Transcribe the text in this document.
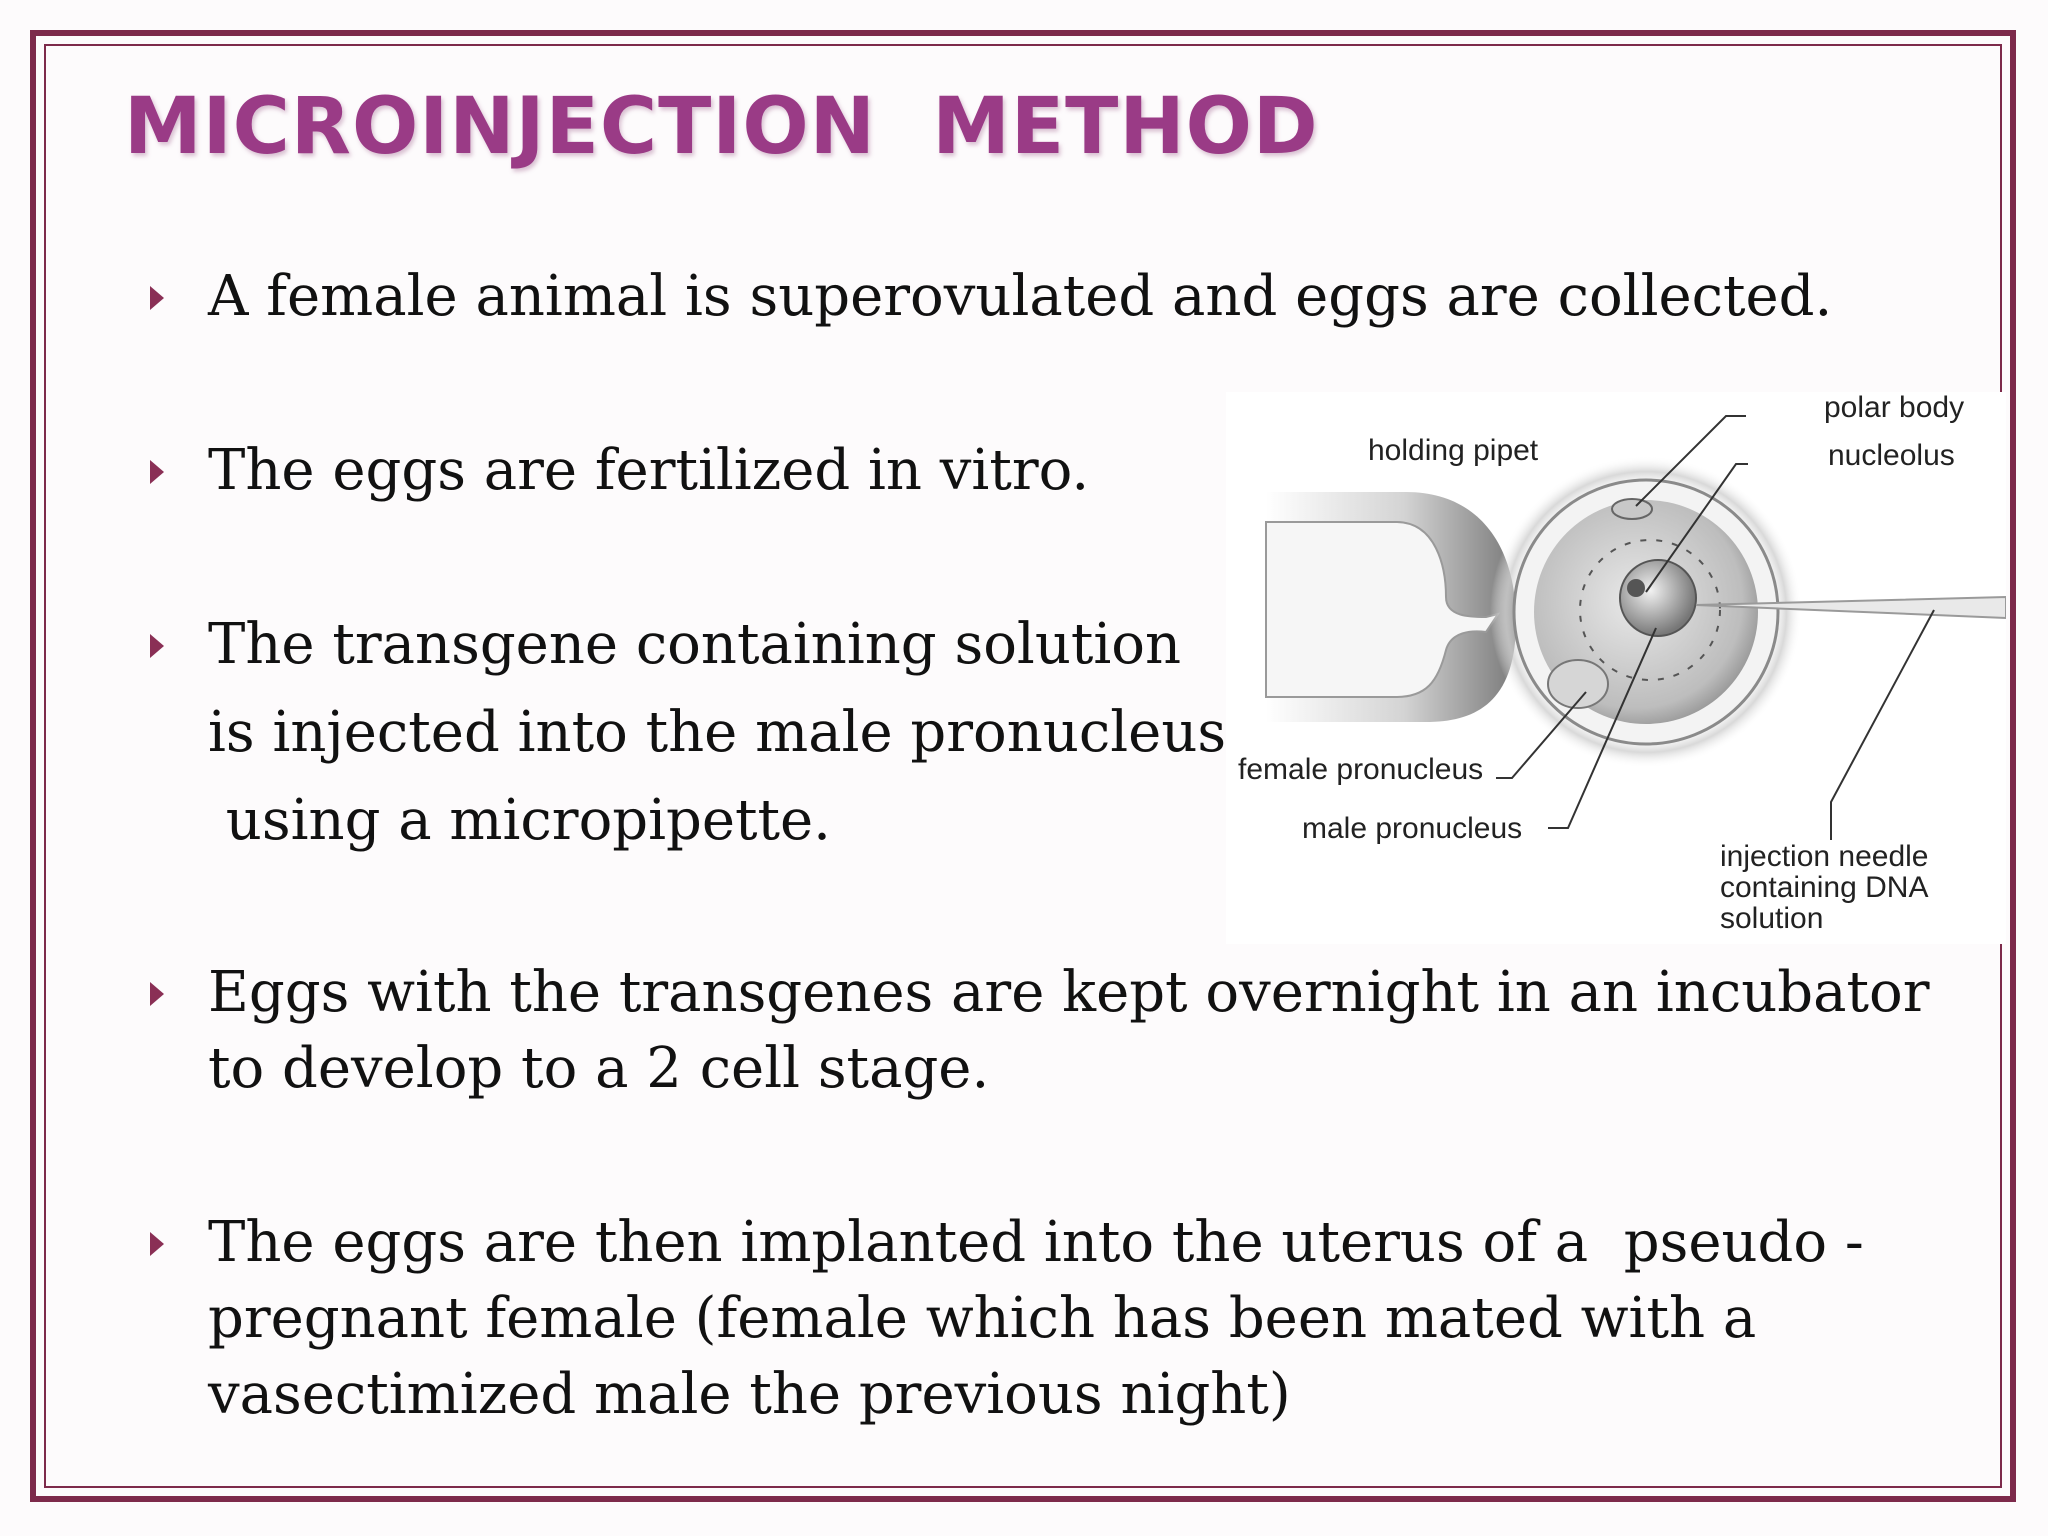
MICROINJECTION  METHOD
A female animal is superovulated and eggs are collected.
The eggs are fertilized in vitro.
The transgene containing solution
is injected into the male pronucleus
using a micropipette.
Eggs with the transgenes are kept overnight in an incubator
to develop to a 2 cell stage.
The eggs are then implanted into the uterus of a  pseudo -
pregnant female (female which has been mated with a
vasectimized male the previous night)
polar body
nucleolus
holding pipet
female pronucleus
male pronucleus
injection needle
containing DNA
solution
